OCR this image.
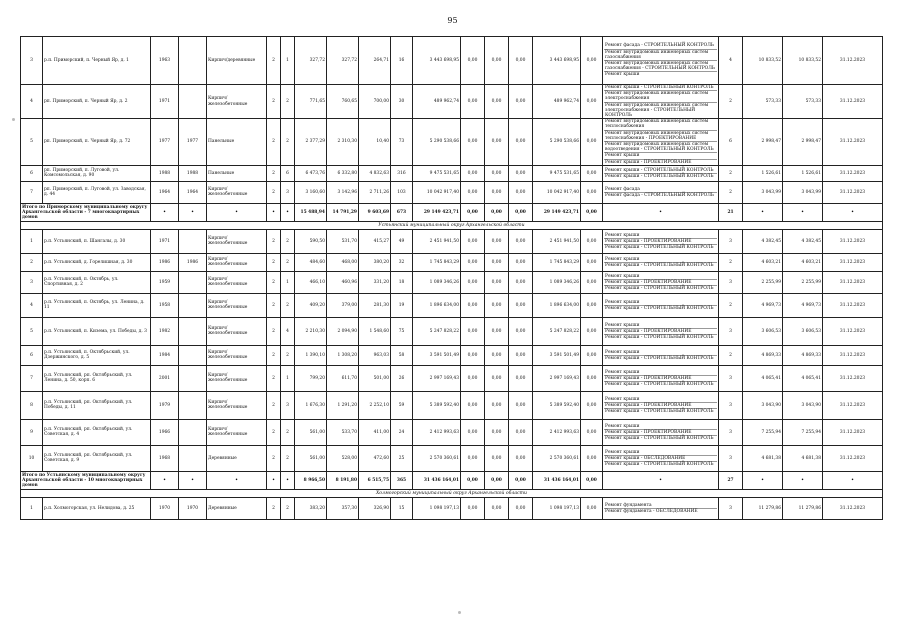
95
3	р.п. Приморский, п. Черный Яр, д. 1	1963		Кирпич/деревянные	2	1	327,72	327,72	264,71	16	3 443 698,95	0,00	0,00	0,00	3 443 698,95	0,00	Ремонт фасада - СТРОИТЕЛЬНЫЙ КОНТРОЛЬ
Ремонт внутридомовых инженерных систем газоснабжения
Ремонт внутридомовых инженерных систем газоснабжения - СТРОИТЕЛЬНЫЙ КОНТРОЛЬ
Ремонт крыши	4	10 833,52	10 833,52	31.12.2023
4	рп. Приморский, п. Черный Яр, д. 2	1971		Кирпич/железобетонные	2	2	771,65	760,65	700,00	30	489 962,74	0,00	0,00	0,00	489 962,74	0,00	Ремонт крыши - СТРОИТЕЛЬНЫЙ КОНТРОЛЬ
Ремонт внутридомовых инженерных систем электроснабжения
Ремонт внутридомовых инженерных систем электроснабжения - СТРОИТЕЛЬНЫЙ КОНТРОЛЬ	2	573,33	573,33	31.12.2023
5	рп. Приморский, п. Черный Яр, д. 72	1977	1977	Панельные	2	2	2 377,29	2 310,30	10,40	73	5 290 538,66	0,00	0,00	0,00	5 290 538,66	0,00	Ремонт внутридомовых инженерных систем теплоснабжения
Ремонт внутридомовых инженерных систем теплоснабжения - ПРОЕКТИРОВАНИЕ
Ремонт внутридомовых инженерных систем водоотведения - СТРОИТЕЛЬНЫЙ КОНТРОЛЬ
Ремонт крыши
Ремонт крыши - ПРОЕКТИРОВАНИЕ	6	2 998,47	2 998,47	31.12.2023
6	рп. Приморский, п. Луговой, ул. Комсомольская, д. 90	1988	1988	Панельные	2	6	6 473,76	6 332,80	4 832,63	316	9 475 531,65	0,00	0,00	0,00	9 475 531,65	0,00	Ремонт крыши - СТРОИТЕЛЬНЫЙ КОНТРОЛЬ
Ремонт крыши - СТРОИТЕЛЬНЫЙ КОНТРОЛЬ	2	1 526,61	1 526,61	31.12.2023
7	рп. Приморский, п. Луговой, ул. Заводская, д. 44	1964	1964	Кирпич/железобетонные	2	3	3 160,60	3 142,96	2 711,26	103	10 042 917,40	0,00	0,00	0,00	10 042 917,40	0,00	Ремонт фасада
Ремонт фасада - СТРОИТЕЛЬНЫЙ КОНТРОЛЬ	2	3 043,99	3 043,99	31.12.2023
Итого по Приморскому муниципальному округу Архангельской области - 7 многоквартирных домов		•	•	•	•	•	15 488,94	14 791,29	9 603,69	673	29 149 423,71	0,00	0,00	0,00	29 149 423,71	0,00	•	21	•	•	•
Устьянский муниципальный округ Архангельской области																					
1	р.п. Устьянский, п. Шангалы, д. 30	1971		Кирпич/железобетонные	2	2	590,50	531,70	415,27	49	2 451 941,50	0,00	0,00	0,00	2 451 941,50	0,00	Ремонт крыши
Ремонт крыши - ПРОЕКТИРОВАНИЕ
Ремонт крыши - СТРОИТЕЛЬНЫЙ КОНТРОЛЬ	3	4 382,45	4 382,45	31.12.2023
2	р.п. Устьянский, д. Горелишная, д. 30	1986	1986	Кирпич/железобетонные	2	2	484,60	468,00	380,20	32	1 745 843,29	0,00	0,00	0,00	1 745 843,29	0,00	Ремонт крыши
Ремонт крыши - СТРОИТЕЛЬНЫЙ КОНТРОЛЬ	2	4 603,21	4 603,21	31.12.2023
3	р.п. Устьянский, п. Октябрь, ул. Спортивная, д. 2	1959		Кирпич/железобетонные	2	1	466,10	460,96	331,20	18	1 089 346,26	0,00	0,00	0,00	1 089 346,26	0,00	Ремонт крыши
Ремонт крыши - ПРОЕКТИРОВАНИЕ
Ремонт крыши - СТРОИТЕЛЬНЫЙ КОНТРОЛЬ	3	2 255,99	2 255,99	31.12.2023
4	р.п. Устьянский, п. Октябрь, ул. Ленина, д. 11	1958		Кирпич/железобетонные	2	2	409,20	379,00	281,30	19	1 896 634,00	0,00	0,00	0,00	1 896 634,00	0,00	Ремонт крыши
Ремонт крыши - СТРОИТЕЛЬНЫЙ КОНТРОЛЬ	2	4 969,73	4 969,73	31.12.2023
5	р.п. Устьянский, п. Кизема, ул. Победы, д. 3	1982		Кирпич/железобетонные	2	4	2 210,30	2 094,90	1 548,60	75	5 247 828,22	0,00	0,00	0,00	5 247 828,22	0,00	Ремонт крыши
Ремонт крыши - ПРОЕКТИРОВАНИЕ
Ремонт крыши - СТРОИТЕЛЬНЫЙ КОНТРОЛЬ	3	3 606,53	3 606,53	31.12.2023
6	р.п. Устьянский, п. Октябрьский, ул. Дзержинского, д. 5	1984		Кирпич/железобетонные	2	2	1 390,10	1 308,20	963,03	58	3 591 501,49	0,00	0,00	0,00	3 591 501,49	0,00	Ремонт крыши
Ремонт крыши - СТРОИТЕЛЬНЫЙ КОНТРОЛЬ	2	4 869,33	4 869,33	31.12.2023
7	р.п. Устьянский, рп. Октябрьский, ул. Ленина, д. 50, корп. 6	2001		Кирпич/железобетонные	2	1	799,20	611,70	501,00	26	2 997 169,43	0,00	0,00	0,00	2 997 169,43	0,00	Ремонт крыши
Ремонт крыши - ПРОЕКТИРОВАНИЕ
Ремонт крыши - СТРОИТЕЛЬНЫЙ КОНТРОЛЬ	3	4 065,41	4 065,41	31.12.2023
8	р.п. Устьянский, рп. Октябрьский, ул. Победы, д. 11	1979		Кирпич/железобетонные	2	3	1 676,30	1 291,20	2 252,10	59	5 389 592,40	0,00	0,00	0,00	5 389 592,40	0,00	Ремонт крыши
Ремонт крыши - ПРОЕКТИРОВАНИЕ
Ремонт крыши - СТРОИТЕЛЬНЫЙ КОНТРОЛЬ	3	3 043,90	3 043,90	31.12.2023
9	р.п. Устьянский, рп. Октябрьский, ул. Советская, д. 4	1966		Кирпич/железобетонные	2	2	561,00	533,70	411,00	24	2 412 993,63	0,00	0,00	0,00	2 412 993,63	0,00	Ремонт крыши
Ремонт крыши - ПРОЕКТИРОВАНИЕ
Ремонт крыши - СТРОИТЕЛЬНЫЙ КОНТРОЛЬ	3	7 255,94	7 255,94	31.12.2023
10	р.п. Устьянский, рп. Октябрьский, ул. Советская, д. 9	1968		Деревянные	2	2	561,00	528,00	472,60	25	2 570 360,61	0,00	0,00	0,00	2 570 360,61	0,00	Ремонт крыши
Ремонт крыши - ОБСЛЕДОВАНИЕ
Ремонт крыши - СТРОИТЕЛЬНЫЙ КОНТРОЛЬ	3	4 681,38	4 681,38	31.12.2023
Итого по Устьянскому муниципальному округу Архангельской области - 10 многоквартирных домов		•	•	•	•	•	8 966,50	8 191,80	6 515,75	365	31 436 164,01	0,00	0,00	0,00	31 436 164,01	0,00	•	27	•	•	•
Холмогорский муниципальный округ Архангельской области																					
1	р.п. Холмогорская, ул. Нелидова, д. 25	1970	1970	Деревянные	2	2	383,20	357,30	326,90	15	1 098 197,13	0,00	0,00	0,00	1 098 197,13	0,00	Ремонт фундамента
Ремонт фундамента - ОБСЛЕДОВАНИЕ	3	11 279,86	11 279,86	31.12.2023
